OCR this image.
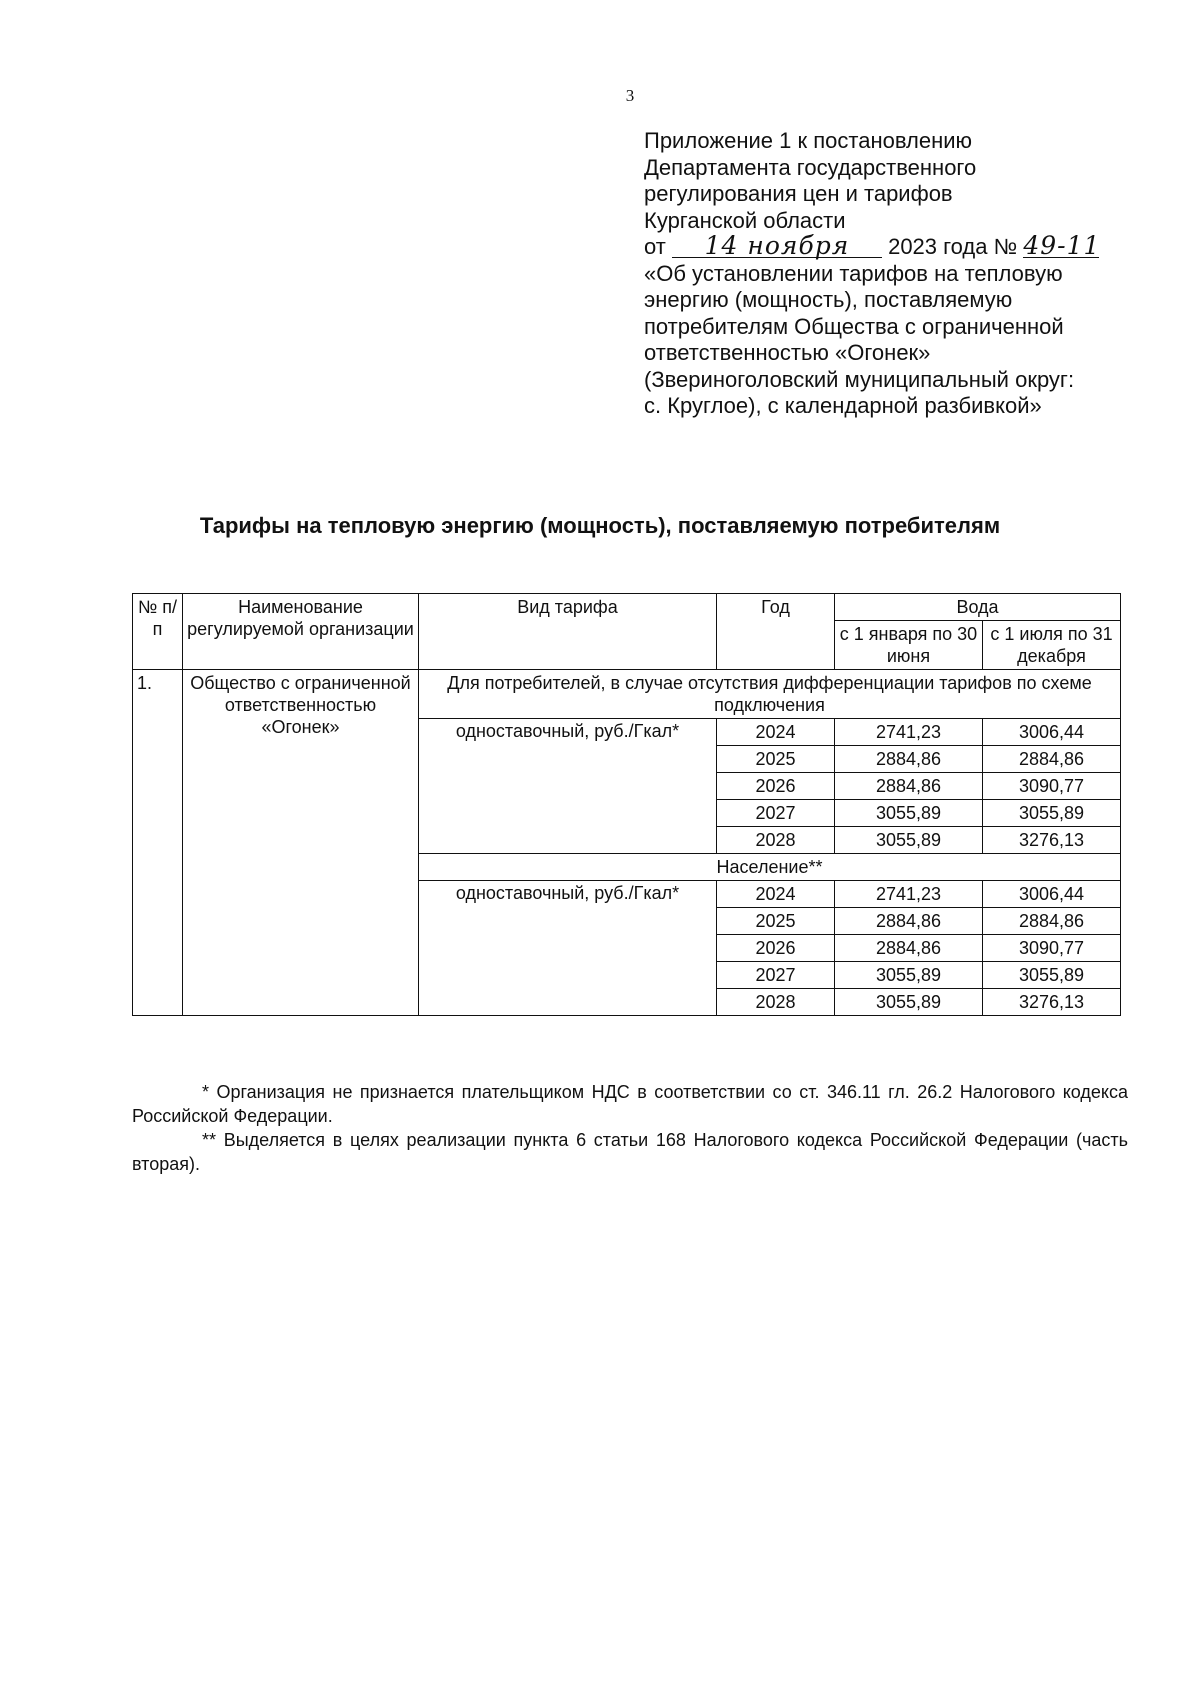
3
Приложение 1 к постановлению
Департамента государственного
регулирования цен и тарифов
Курганской области
от 14 ноября 2023 года № 49-11
«Об установлении тарифов на тепловую
энергию (мощность), поставляемую
потребителям Общества с ограниченной
ответственностью «Огонек»
(Звериноголовский муниципальный округ:
с. Круглое), с календарной разбивкой»
Тарифы на тепловую энергию (мощность), поставляемую потребителям
№ п/п	Наименование регулируемой организации	Вид тарифа	Год	Вода	
				с 1 января по 30 июня	с 1 июля по 31 декабря
1.	Общество с ограниченной ответственностью «Огонек»	Для потребителей, в случае отсутствия дифференциации тарифов по схеме подключения			
		одноставочный, руб./Гкал*	2024	2741,23	3006,44
			2025	2884,86	2884,86
			2026	2884,86	3090,77
			2027	3055,89	3055,89
			2028	3055,89	3276,13
		Население**			
		одноставочный, руб./Гкал*	2024	2741,23	3006,44
			2025	2884,86	2884,86
			2026	2884,86	3090,77
			2027	3055,89	3055,89
			2028	3055,89	3276,13

* Организация не признается плательщиком НДС в соответствии со ст. 346.11 гл. 26.2 Налогового кодекса Российской Федерации.

** Выделяется в целях реализации пункта 6 статьи 168 Налогового кодекса Российской Федерации (часть вторая).
